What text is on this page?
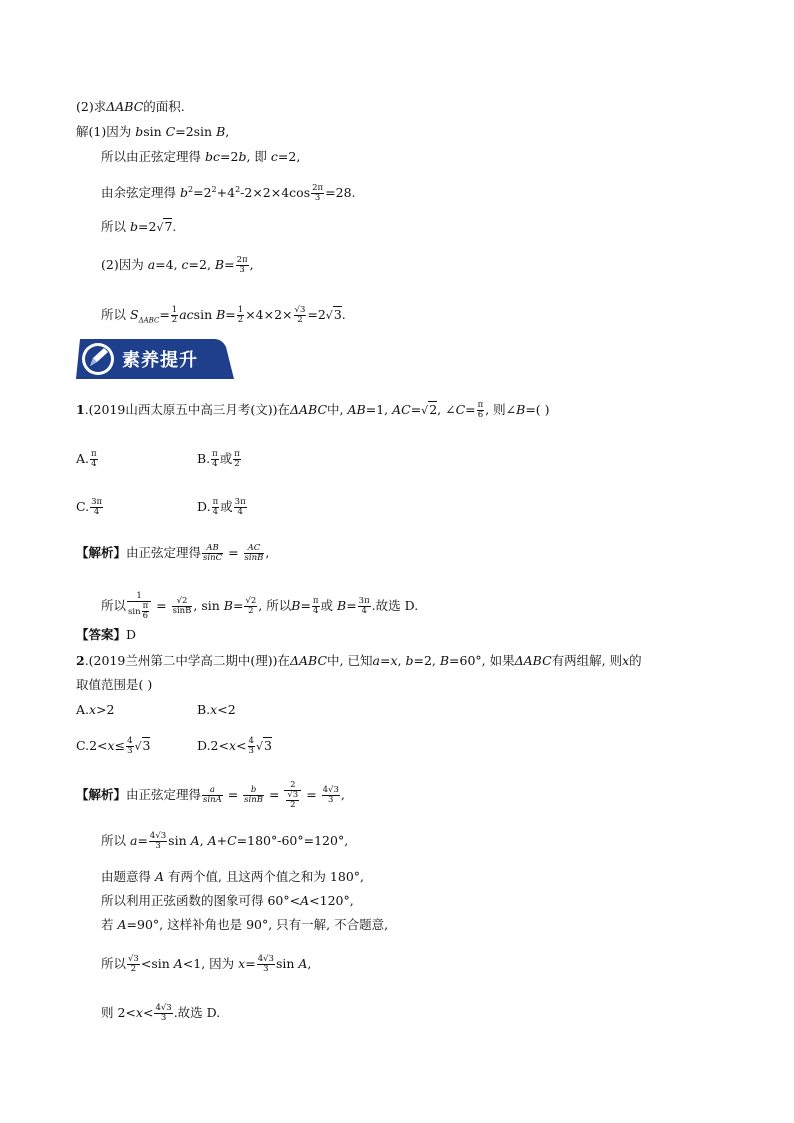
(2)求ΔABC的面积.
解(1)因为 bsin C=2sin B,
所以由正弦定理得 bc=2b, 即 c=2,
由余弦定理得 $b^2=2^2+4^2-2\times 2\times 4\cos \frac{2\pi}{3} =28$.
所以 b=2√7.
(2)因为 a=4, c=2, $B= \frac{2\pi}{3}$ ,
所以 $S_{\Delta ABC}= \frac{1}{2}$ acsin $B= \frac{1}{2} \times 4\times 2\times \frac{√3}{2} =2√3$.
素养提升
1.(2019山西太原五中高三月考(文))在ΔABC中, AB=1, AC=√2, ∠C= $\frac{\pi}{6}$ , 则∠B=( )
A. $\frac{\pi}{4}$	B. $\frac{\pi}{4}$ 或 $\frac{\pi}{2}$
C. $\frac{3\pi}{4}$	D. $\frac{\pi}{4}$ 或 $\frac{3\pi}{4}$
【解析】由正弦定理得 $\frac{AB}{\sin C} = \frac{AC}{\sin B}$ ,
所以 $\frac{1}{\sin \frac{\pi}{6}} = \frac{√2}{\sin B}$ , $\sin B= \frac{√2}{2}$ , 所以$B= \frac{\pi}{4}$ 或 $B= \frac{3\pi}{4}$ .故选 D.
【答案】D
2.(2019兰州第二中学高二期中(理))在ΔABC中, 已知a=x, b=2, B=60°, 如果ΔABC有两组解, 则x的
取值范围是( )
A.x>2	B.x<2
$C.2<x\le \frac{4}{3} √3$	$D.2<x< \frac{4}{3} √3$
【解析】由正弦定理得 $\frac{a}{\sin A} = \frac{b}{\sin B} = \frac{2}{\frac{√3}{2}} = \frac{4√3}{3}$ ,
所以 $a= \frac{4√3}{3}$ sin A, A+C=180°-60°=120°,
由题意得 A 有两个值, 且这两个值之和为 180°,
所以利用正弦函数的图象可得 60°<A<120°,
若 A=90°, 这样补角也是 90°, 只有一解, 不合题意,
所以 $\frac{√3}{2} <\sin$ A<1, 因为 $x= \frac{4√3}{3}$ sin A,
则 $2<x< \frac{4√3}{3}$ .故选 D.
